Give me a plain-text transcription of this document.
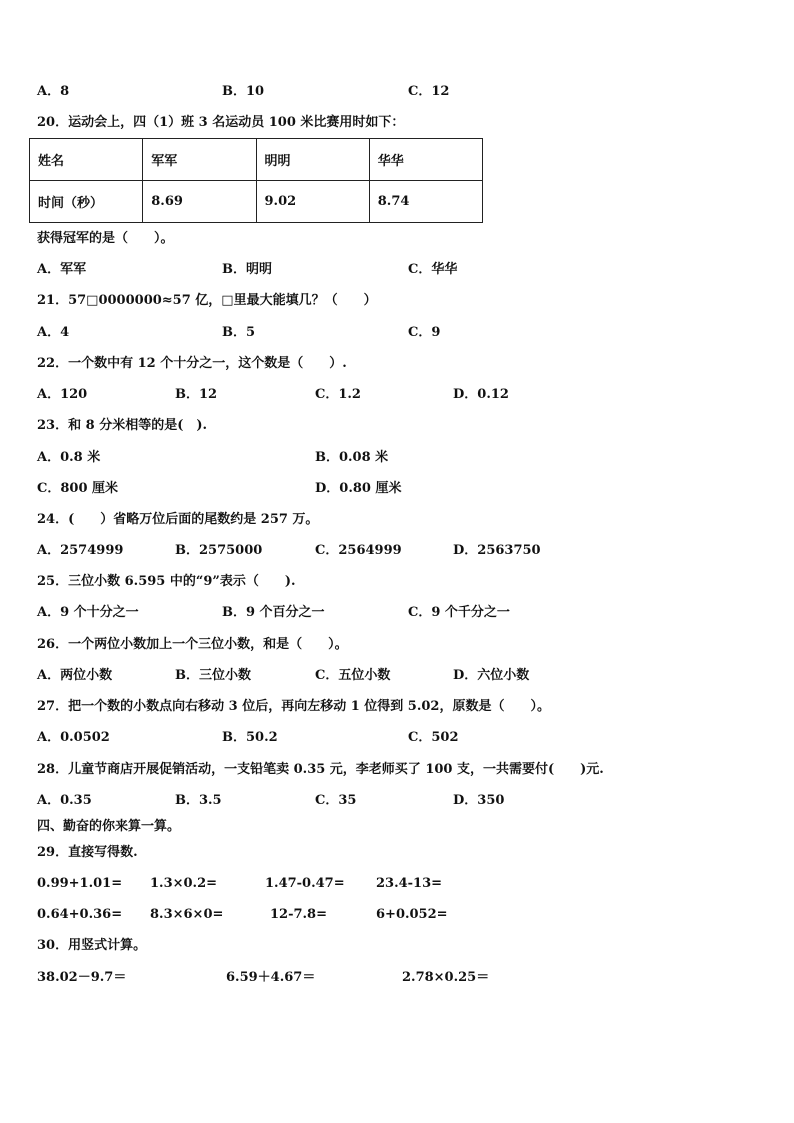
A．8	B．10	C．12
20．运动会上，四（1）班 3 名运动员 100 米比赛用时如下：
姓名	军军	明明	华华
时间（秒）	8.69	9.02	8.74
获得冠军的是（　　）。
A．军军	B．明明	C．华华
21．57□0000000≈57 亿，□里最大能填几？（　　）
A．4	B．5	C．9
22．一个数中有 12 个十分之一，这个数是（　　）.
A．120	B．12	C．1.2	D．0.12
23．和 8 分米相等的是(　).
A．0.8 米	B．0.08 米
C．800 厘米	D．0.80 厘米
24．(　　）省略万位后面的尾数约是 257 万。
A．2574999	B．2575000	C．2564999	D．2563750
25．三位小数 6.595 中的“9”表示（　　).
A．9 个十分之一	B．9 个百分之一	C．9 个千分之一
26．一个两位小数加上一个三位小数，和是（　　）。
A．两位小数	B．三位小数	C．五位小数	D．六位小数
27．把一个数的小数点向右移动 3 位后，再向左移动 1 位得到 5.02，原数是（　　）。
A．0.0502	B．50.2	C．502
28．儿童节商店开展促销活动，一支铅笔卖 0.35 元，李老师买了 100 支，一共需要付(　　)元.
A．0.35	B．3.5	C．35	D．350
四、勤奋的你来算一算。
29．直接写得数.
0.99+1.01= 1.3×0.2=	1.47-0.47= 23.4-13=
0.64+0.36= 8.3×6×0=	12-7.8=	6+0.052=
30．用竖式计算。
38.02－9.7＝	6.59＋4.67＝	2.78×0.25＝
